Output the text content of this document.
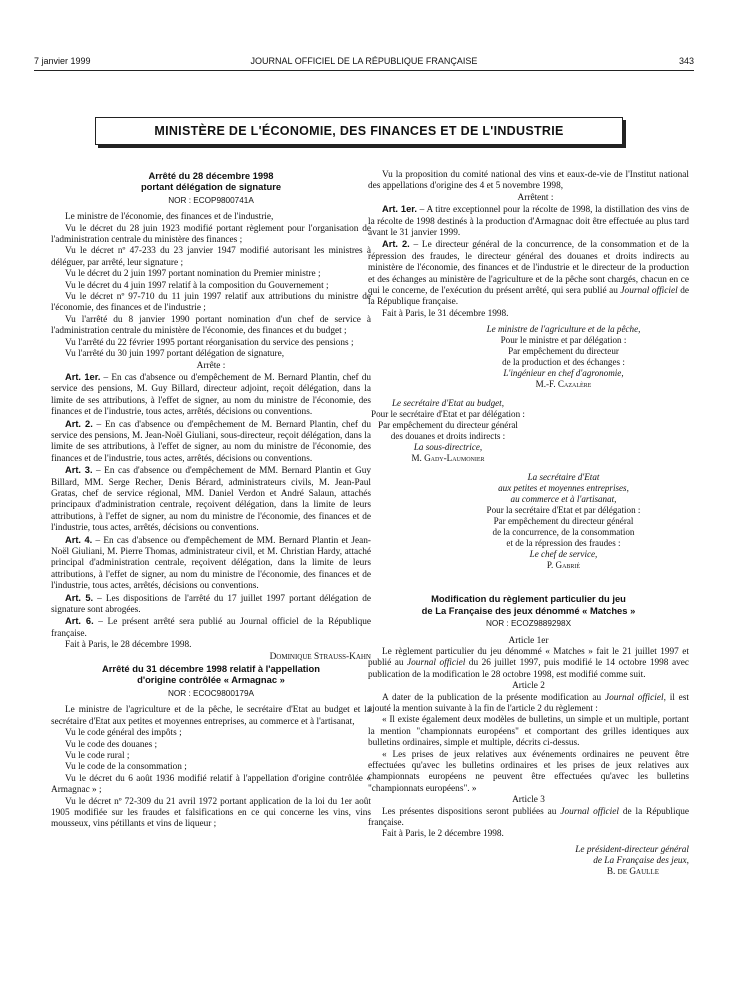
7 janvier 1999	JOURNAL OFFICIEL DE LA RÉPUBLIQUE FRANÇAISE	343
MINISTÈRE DE L'ÉCONOMIE, DES FINANCES ET DE L'INDUSTRIE

Arrêté du 28 décembre 1998

portant délégation de signature

NOR : ECOP9800741A

Le ministre de l'économie, des finances et de l'industrie,

Vu le décret du 28 juin 1923 modifié portant règlement pour l'organisation de l'administration centrale du ministère des finances ;

Vu le décret nº 47-233 du 23 janvier 1947 modifié autorisant les ministres à déléguer, par arrêté, leur signature ;

Vu le décret du 2 juin 1997 portant nomination du Premier ministre ;

Vu le décret du 4 juin 1997 relatif à la composition du Gouvernement ;

Vu le décret nº 97-710 du 11 juin 1997 relatif aux attributions du ministre de l'économie, des finances et de l'industrie ;

Vu l'arrêté du 8 janvier 1990 portant nomination d'un chef de service à l'administration centrale du ministère de l'économie, des finances et du budget ;

Vu l'arrêté du 22 février 1995 portant réorganisation du service des pensions ;

Vu l'arrêté du 30 juin 1997 portant délégation de signature,

Arrête :

Art. 1er. – En cas d'absence ou d'empêchement de M. Bernard Plantin, chef du service des pensions, M. Guy Billard, directeur adjoint, reçoit délégation, dans la limite de ses attributions, à l'effet de signer, au nom du ministre de l'économie, des finances et de l'industrie, tous actes, arrêtés, décisions ou conventions.

Art. 2. – En cas d'absence ou d'empêchement de M. Bernard Plantin, chef du service des pensions, M. Jean-Noël Giuliani, sous-directeur, reçoit délégation, dans la limite de ses attributions, à l'effet de signer, au nom du ministre de l'économie, des finances et de l'industrie, tous actes, arrêtés, décisions ou conventions.

Art. 3. – En cas d'absence ou d'empêchement de MM. Bernard Plantin et Guy Billard, MM. Serge Recher, Denis Bérard, administrateurs civils, M. Jean-Paul Gratas, chef de service régional, MM. Daniel Verdon et André Salaun, attachés principaux d'administration centrale, reçoivent délégation, dans la limite de leurs attributions, à l'effet de signer, au nom du ministre de l'économie, des finances et de l'industrie, tous actes, arrêtés, décisions ou conventions.

Art. 4. – En cas d'absence ou d'empêchement de MM. Bernard Plantin et Jean-Noël Giuliani, M. Pierre Thomas, administrateur civil, et M. Christian Hardy, attaché principal d'administration centrale, reçoivent délégation, dans la limite de leurs attributions, à l'effet de signer, au nom du ministre de l'économie, des finances et de l'industrie, tous actes, arrêtés, décisions ou conventions.

Art. 5. – Les dispositions de l'arrêté du 17 juillet 1997 portant délégation de signature sont abrogées.

Art. 6. – Le présent arrêté sera publié au Journal officiel de la République française.

Fait à Paris, le 28 décembre 1998.

Dominique Strauss-Kahn

Arrêté du 31 décembre 1998 relatif à l'appellation

d'origine contrôlée « Armagnac »

NOR : ECOC9800179A

Le ministre de l'agriculture et de la pêche, le secrétaire d'Etat au budget et la secrétaire d'Etat aux petites et moyennes entreprises, au commerce et à l'artisanat,

Vu le code général des impôts ;

Vu le code des douanes ;

Vu le code rural ;

Vu le code de la consommation ;

Vu le décret du 6 août 1936 modifié relatif à l'appellation d'origine contrôlée « Armagnac » ;

Vu le décret nº 72-309 du 21 avril 1972 portant application de la loi du 1er août 1905 modifiée sur les fraudes et falsifications en ce qui concerne les vins, vins mousseux, vins pétillants et vins de liqueur ;

Vu la proposition du comité national des vins et eaux-de-vie de l'Institut national des appellations d'origine des 4 et 5 novembre 1998,

Arrêtent :

Art. 1er. – A titre exceptionnel pour la récolte de 1998, la distillation des vins de la récolte de 1998 destinés à la production d'Armagnac doit être effectuée au plus tard avant le 31 janvier 1999.

Art. 2. – Le directeur général de la concurrence, de la consommation et de la répression des fraudes, le directeur général des douanes et droits indirects au ministère de l'économie, des finances et de l'industrie et le directeur de la production et des échanges au ministère de l'agriculture et de la pêche sont chargés, chacun en ce qui le concerne, de l'exécution du présent arrêté, qui sera publié au Journal officiel de la République française.

Fait à Paris, le 31 décembre 1998.

Le ministre de l'agriculture et de la pêche,
Pour le ministre et par délégation :
Par empêchement du directeur
de la production et des échanges :
L'ingénieur en chef d'agronomie,
M.-F. Cazalère
Le secrétaire d'Etat au budget,
Pour le secrétaire d'Etat et par délégation :
Par empêchement du directeur général
des douanes et droits indirects :
La sous-directrice,
M. Gady-Laumonier
La secrétaire d'Etat
aux petites et moyennes entreprises,
au commerce et à l'artisanat,
Pour la secrétaire d'Etat et par délégation :
Par empêchement du directeur général
de la concurrence, de la consommation
et de la répression des fraudes :
Le chef de service,
P. Gabrié

Modification du règlement particulier du jeu

de La Française des jeux dénommé « Matches »

NOR : ECOZ9889298X

Article 1er

Le règlement particulier du jeu dénommé « Matches » fait le 21 juillet 1997 et publié au Journal officiel du 26 juillet 1997, puis modifié le 14 octobre 1998 avec publication de la modification le 28 octobre 1998, est modifié comme suit.

Article 2

A dater de la publication de la présente modification au Journal officiel, il est ajouté la mention suivante à la fin de l'article 2 du règlement :

« Il existe également deux modèles de bulletins, un simple et un multiple, portant la mention "championnats européens" et comportant des grilles identiques aux bulletins ordinaires, simple et multiple, décrits ci-dessus.

« Les prises de jeux relatives aux événements ordinaires ne peuvent être effectuées qu'avec les bulletins ordinaires et les prises de jeux relatives aux championnats européens ne peuvent être effectuées qu'avec les bulletins "championnats européens". »

Article 3

Les présentes dispositions seront publiées au Journal officiel de la République française.

Fait à Paris, le 2 décembre 1998.

Le président-directeur général
de La Française des jeux,
B. de Gaulle
